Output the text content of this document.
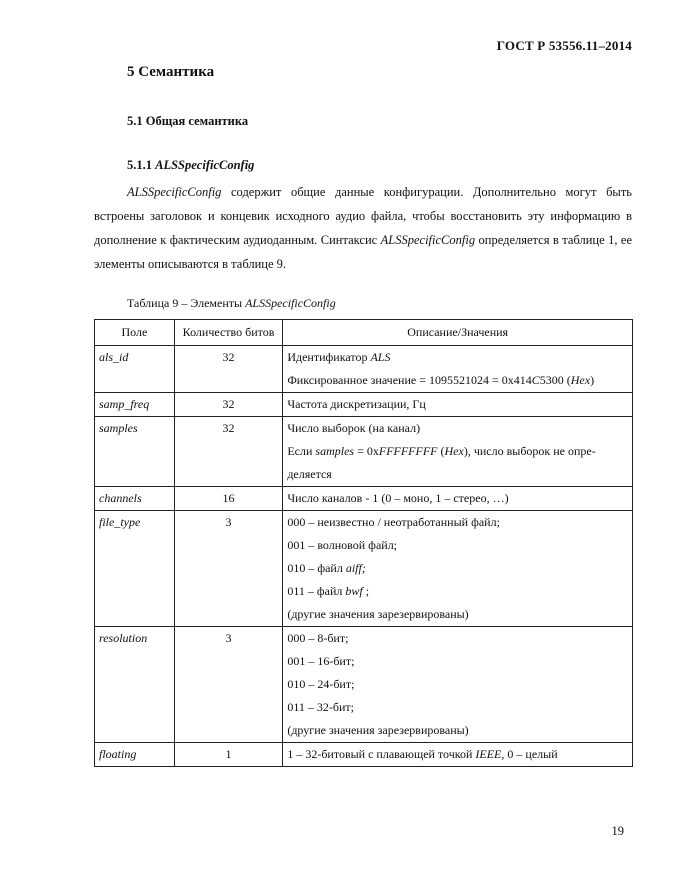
ГОСТ Р 53556.11–2014
5 Семантика
5.1 Общая семантика
5.1.1 ALSSpecificConfig
ALSSpecificConfig содержит общие данные конфигурации. Дополнительно могут быть встроены заголовок и концевик исходного аудио файла, чтобы восстановить эту информацию в дополнение к фактическим аудиоданным. Синтаксис ALSSpecificConfig определяется в таблице 1, ее элементы описываются в таблице 9.
Таблица 9 – Элементы ALSSpecificConfig
Поле	Количество битов	Описание/Значения
als_id	32	Идентификатор ALS
Фиксированное значение = 1095521024 = 0x414C5300 (Hex)

samp_freq	32	Частота дискретизации, Гц

samples	32	Число выборок (на канал)
Если samples = 0xFFFFFFFF (Hex), число выборок не опре-
деляется

channels	16	Число каналов - 1 (0 – моно, 1 – стерео, …)

file_type	3	000 – неизвестно / неотработанный файл;
001 – волновой файл;
010 – файл aiff;
011 – файл bwf ;
(другие значения зарезервированы)

resolution	3	000 – 8-бит;
001 – 16-бит;
010 – 24-бит;
011 – 32-бит;
(другие значения зарезервированы)

floating	1	1 – 32-битовый с плавающей точкой IEEE, 0 – целый
19
